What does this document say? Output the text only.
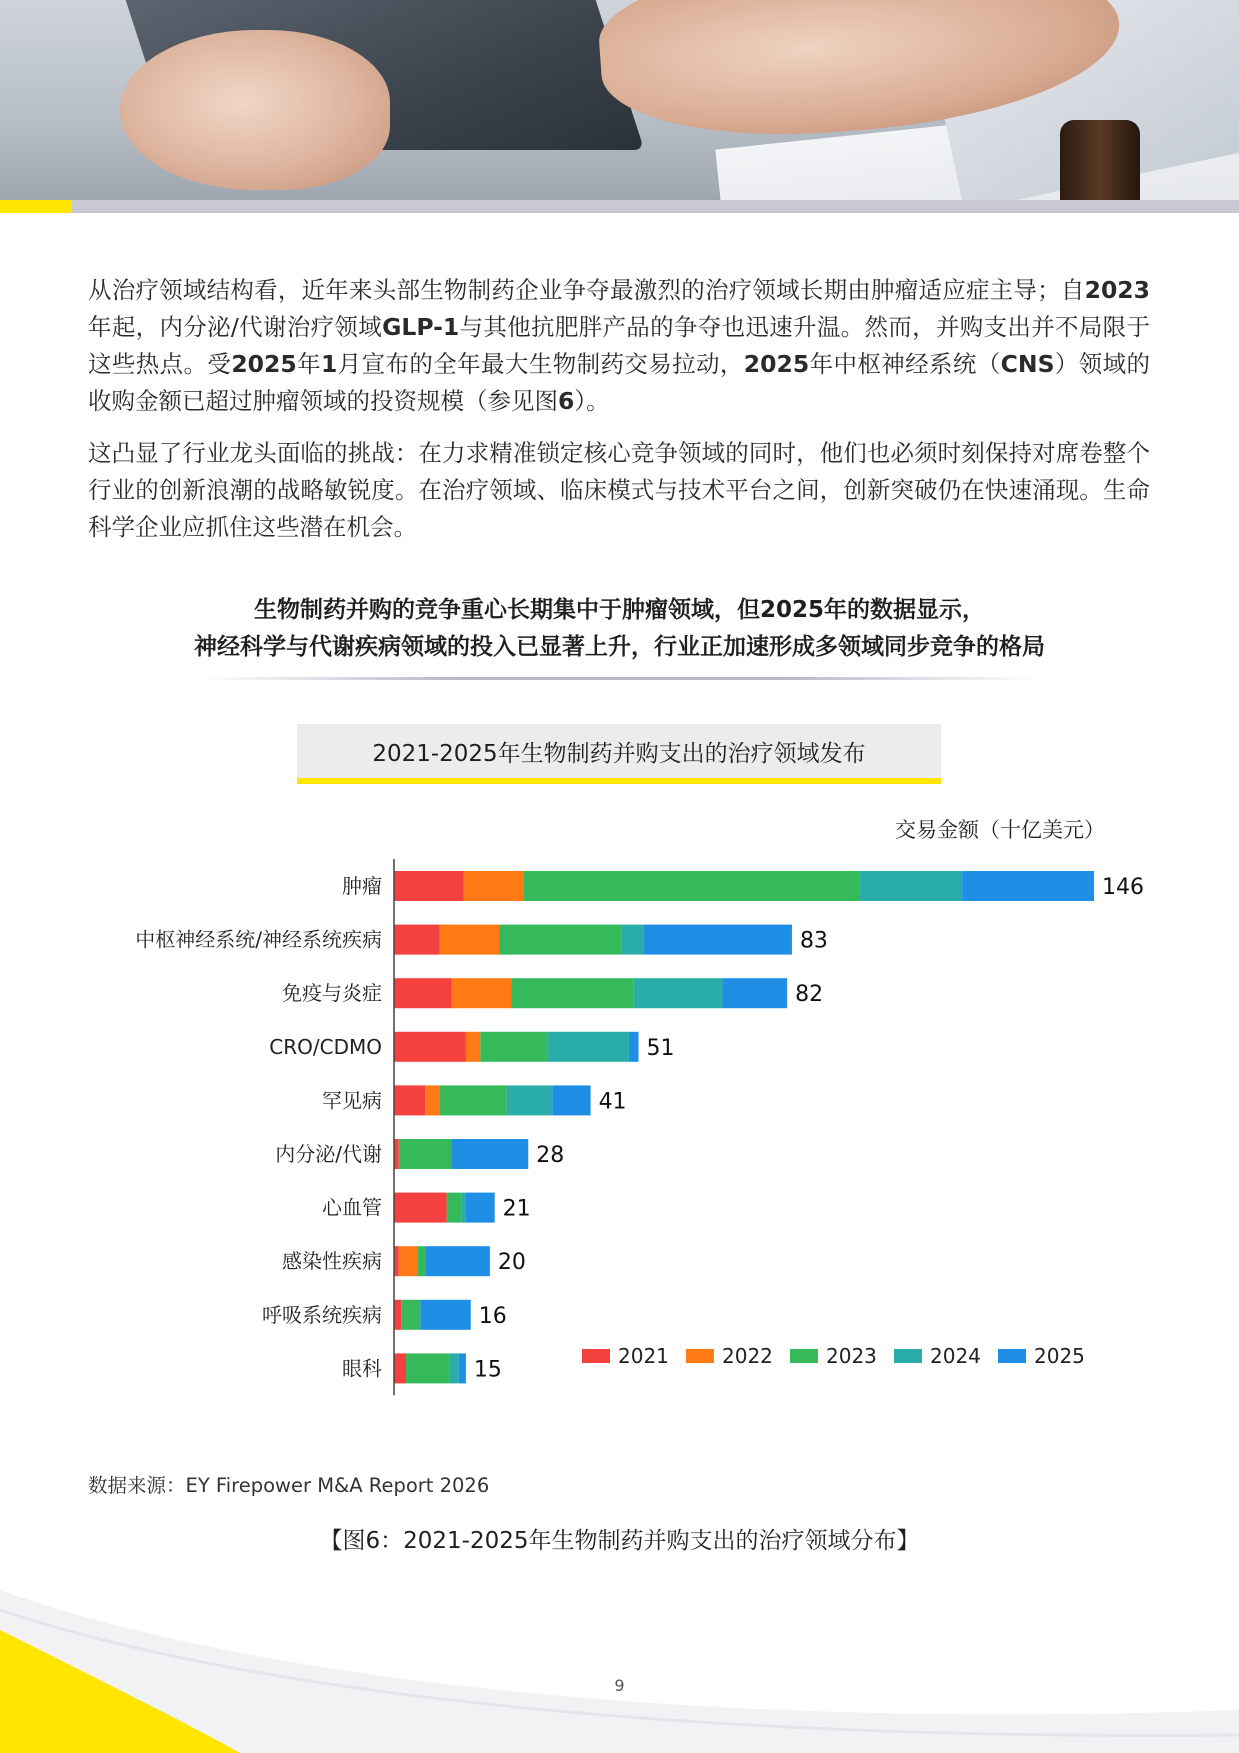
从治疗领域结构看，近年来头部生物制药企业争夺最激烈的治疗领域长期由肿瘤适应症主导；自2023年起，内分泌/代谢治疗领域GLP-1与其他抗肥胖产品的争夺也迅速升温。然而，并购支出并不局限于这些热点。受2025年1月宣布的全年最大生物制药交易拉动，2025年中枢神经系统（CNS）领域的收购金额已超过肿瘤领域的投资规模（参见图6）。

这凸显了行业龙头面临的挑战：在力求精准锁定核心竞争领域的同时，他们也必须时刻保持对席卷整个行业的创新浪潮的战略敏锐度。在治疗领域、临床模式与技术平台之间，创新突破仍在快速涌现。生命科学企业应抓住这些潜在机会。

生物制药并购的竞争重心长期集中于肿瘤领域，但2025年的数据显示，
神经科学与代谢疾病领域的投入已显著上升，行业正加速形成多领域同步竞争的格局
2021-2025年生物制药并购支出的治疗领域发布
交易金额（十亿美元）
肿瘤
中枢神经系统/神经系统疾病
免疫与炎症
CRO/CDMO
罕见病
内分泌/代谢
心血管
感染性疾病
呼吸系统疾病
眼科
146
83
82
51
41
28
21
20
16
15
2021	2022	2023	2024	2025
数据来源：EY Firepower M&A Report 2026
【图6：2021-2025年生物制药并购支出的治疗领域分布】
9
